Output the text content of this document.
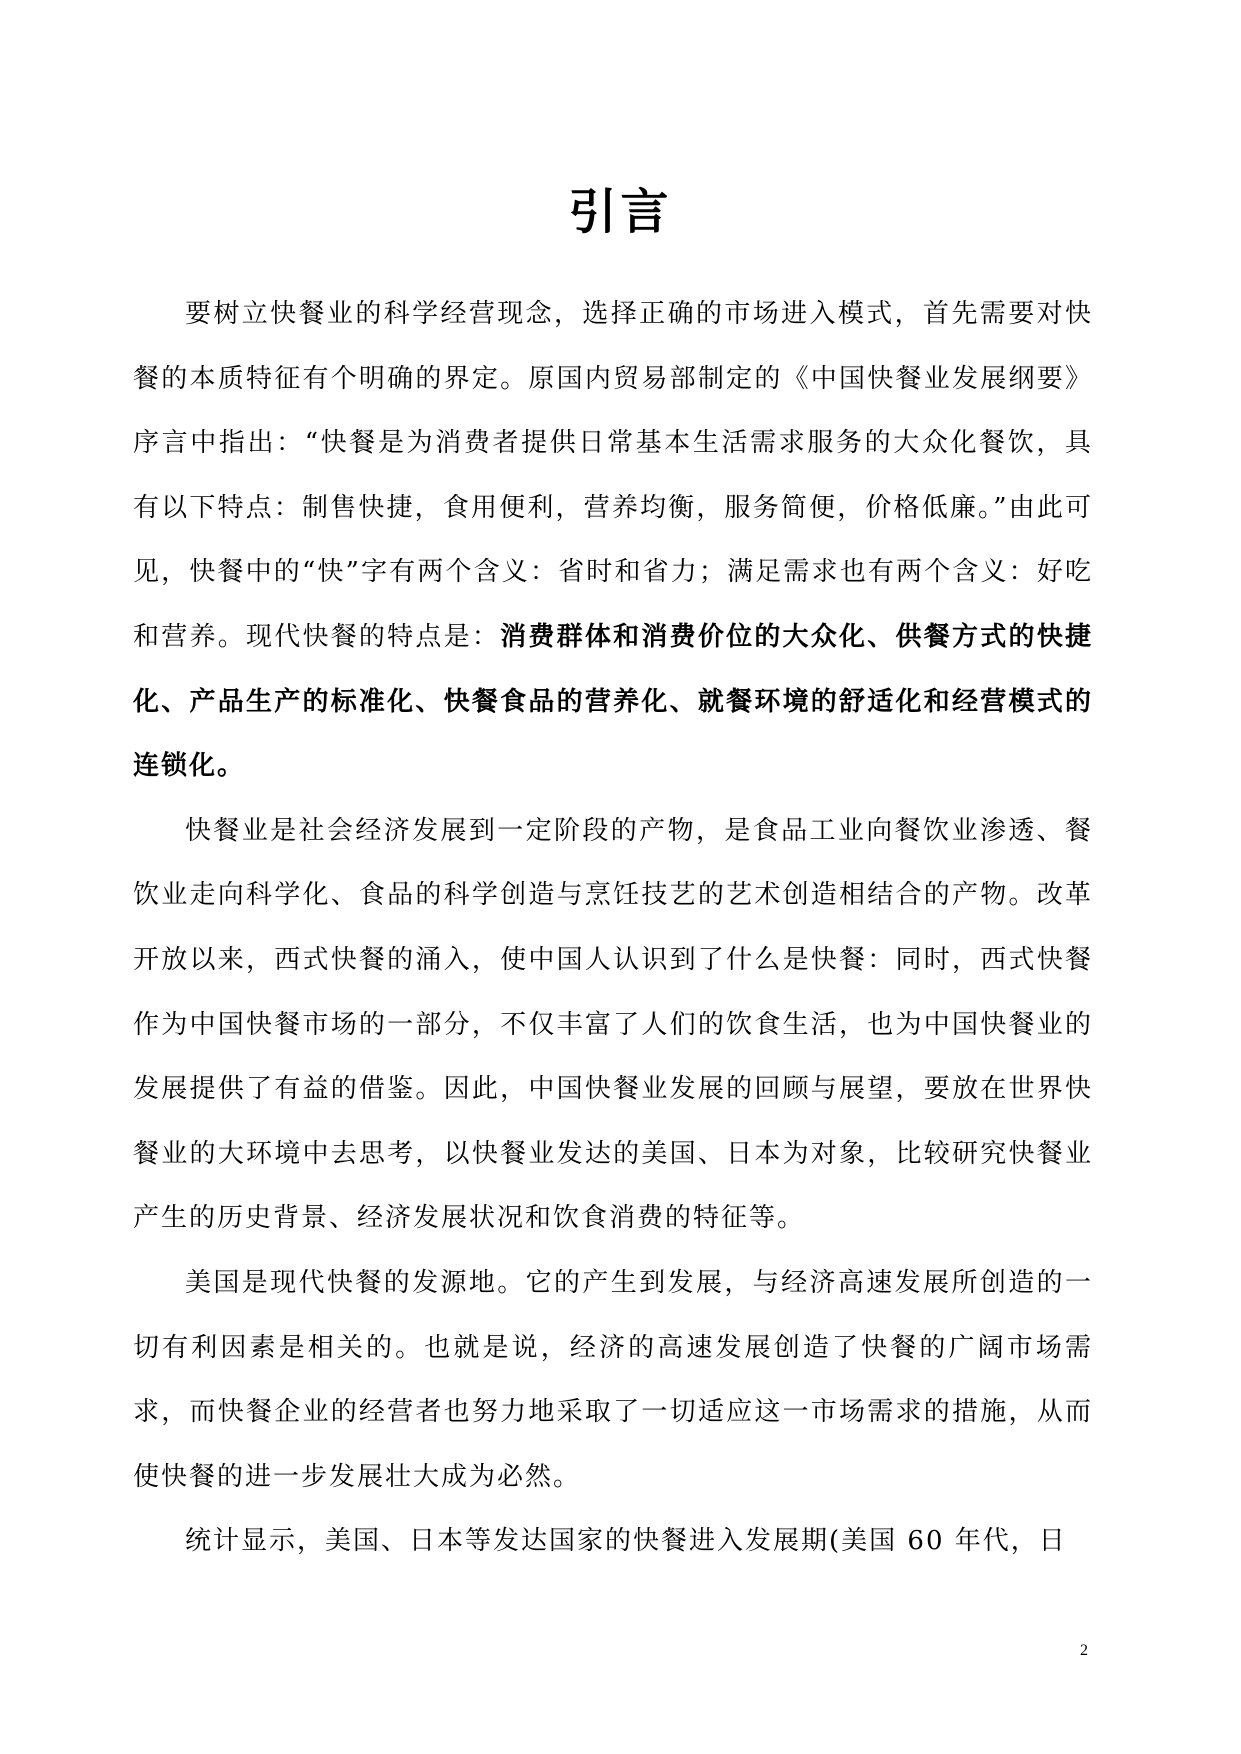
引言

要树立快餐业的科学经营现念，选择正确的市场进入模式，首先需要对快餐的本质特征有个明确的界定。原国内贸易部制定的《中国快餐业发展纲要》序言中指出：“快餐是为消费者提供日常基本生活需求服务的大众化餐饮，具有以下特点：制售快捷，食用便利，营养均衡，服务简便，价格低廉。”由此可见，快餐中的“快”字有两个含义：省时和省力；满足需求也有两个含义：好吃和营养。现代快餐的特点是：消费群体和消费价位的大众化、供餐方式的快捷化、产品生产的标准化、快餐食品的营养化、就餐环境的舒适化和经营模式的连锁化。

快餐业是社会经济发展到一定阶段的产物，是食品工业向餐饮业渗透、餐饮业走向科学化、食品的科学创造与烹饪技艺的艺术创造相结合的产物。改革开放以来，西式快餐的涌入，使中国人认识到了什么是快餐：同时，西式快餐作为中国快餐市场的一部分，不仅丰富了人们的饮食生活，也为中国快餐业的发展提供了有益的借鉴。因此，中国快餐业发展的回顾与展望，要放在世界快餐业的大环境中去思考，以快餐业发达的美国、日本为对象，比较研究快餐业产生的历史背景、经济发展状况和饮食消费的特征等。

美国是现代快餐的发源地。它的产生到发展，与经济高速发展所创造的一切有利因素是相关的。也就是说，经济的高速发展创造了快餐的广阔市场需求，而快餐企业的经营者也努力地采取了一切适应这一市场需求的措施，从而使快餐的进一步发展壮大成为必然。

统计显示，美国、日本等发达国家的快餐进入发展期(美国 60 年代，日

2
